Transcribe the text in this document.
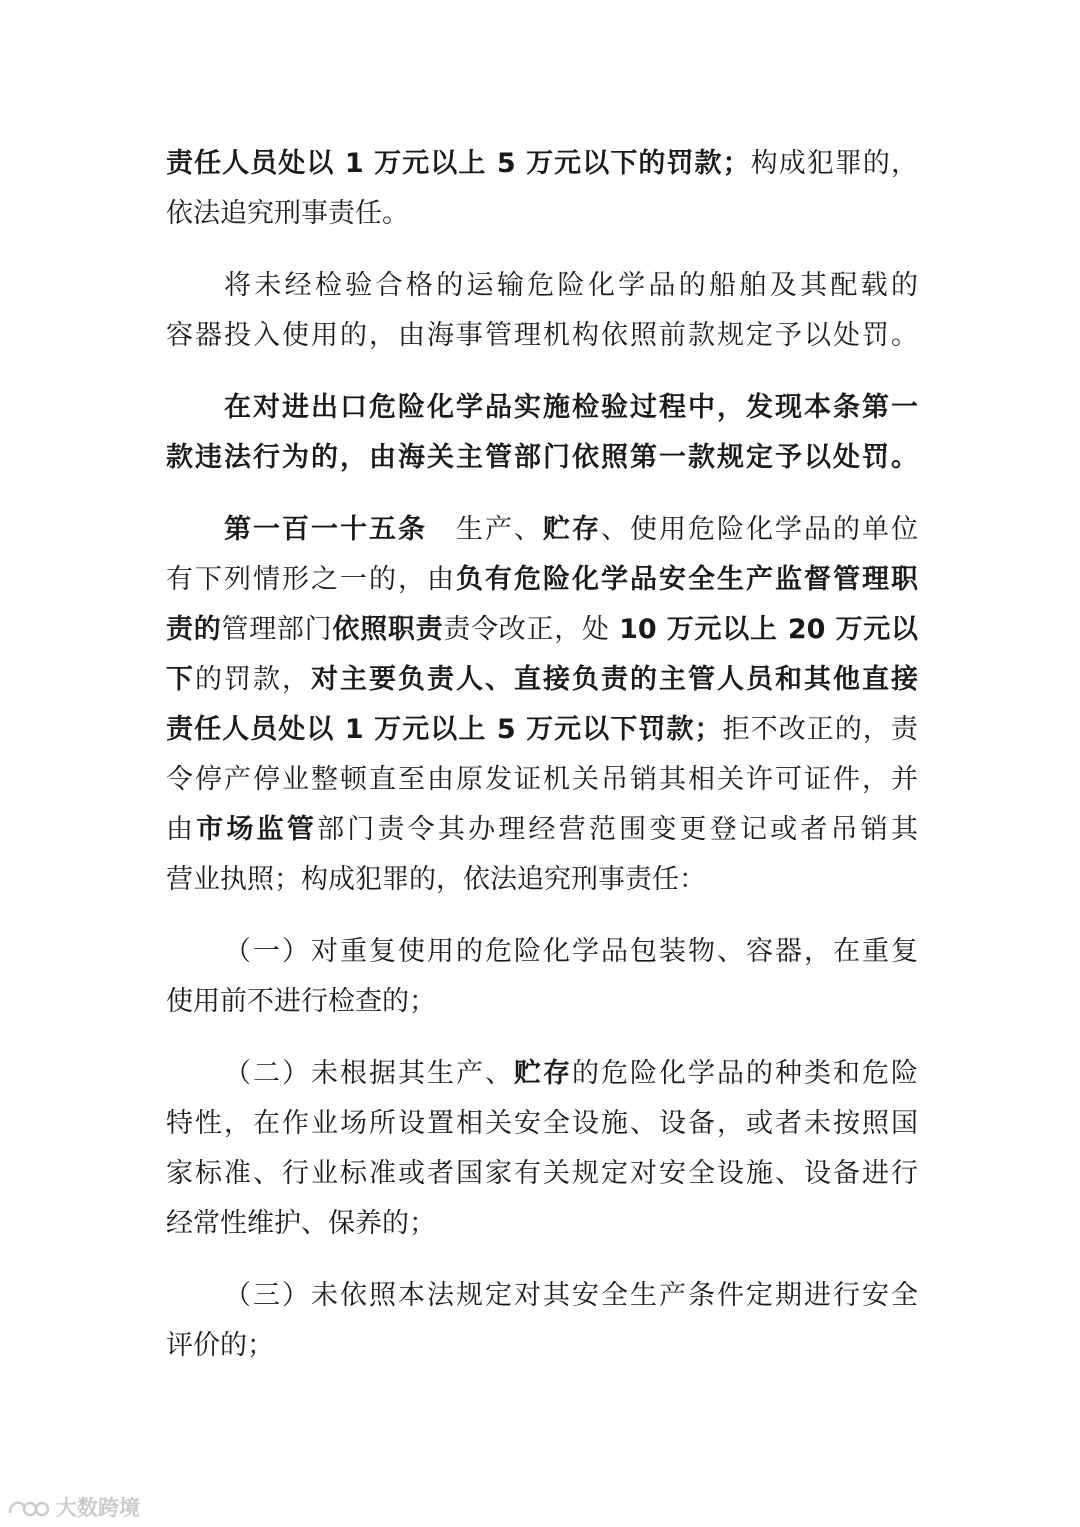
责任人员处以 1 万元以上 5 万元以下的罚款；构成犯罪的，
依法追究刑事责任。
将未经检验合格的运输危险化学品的船舶及其配载的
容器投入使用的，由海事管理机构依照前款规定予以处罚。
在对进出口危险化学品实施检验过程中，发现本条第一
款违法行为的，由海关主管部门依照第一款规定予以处罚。
第一百一十五条　生产、贮存、使用危险化学品的单位
有下列情形之一的，由负有危险化学品安全生产监督管理职
责的管理部门依照职责责令改正，处 10 万元以上 20 万元以
下的罚款，对主要负责人、直接负责的主管人员和其他直接
责任人员处以 1 万元以上 5 万元以下罚款；拒不改正的，责
令停产停业整顿直至由原发证机关吊销其相关许可证件，并
由市场监管部门责令其办理经营范围变更登记或者吊销其
营业执照；构成犯罪的，依法追究刑事责任：
（一）对重复使用的危险化学品包装物、容器，在重复
使用前不进行检查的；
（二）未根据其生产、贮存的危险化学品的种类和危险
特性，在作业场所设置相关安全设施、设备，或者未按照国
家标准、行业标准或者国家有关规定对安全设施、设备进行
经常性维护、保养的；
（三）未依照本法规定对其安全生产条件定期进行安全
评价的；
大数跨境
